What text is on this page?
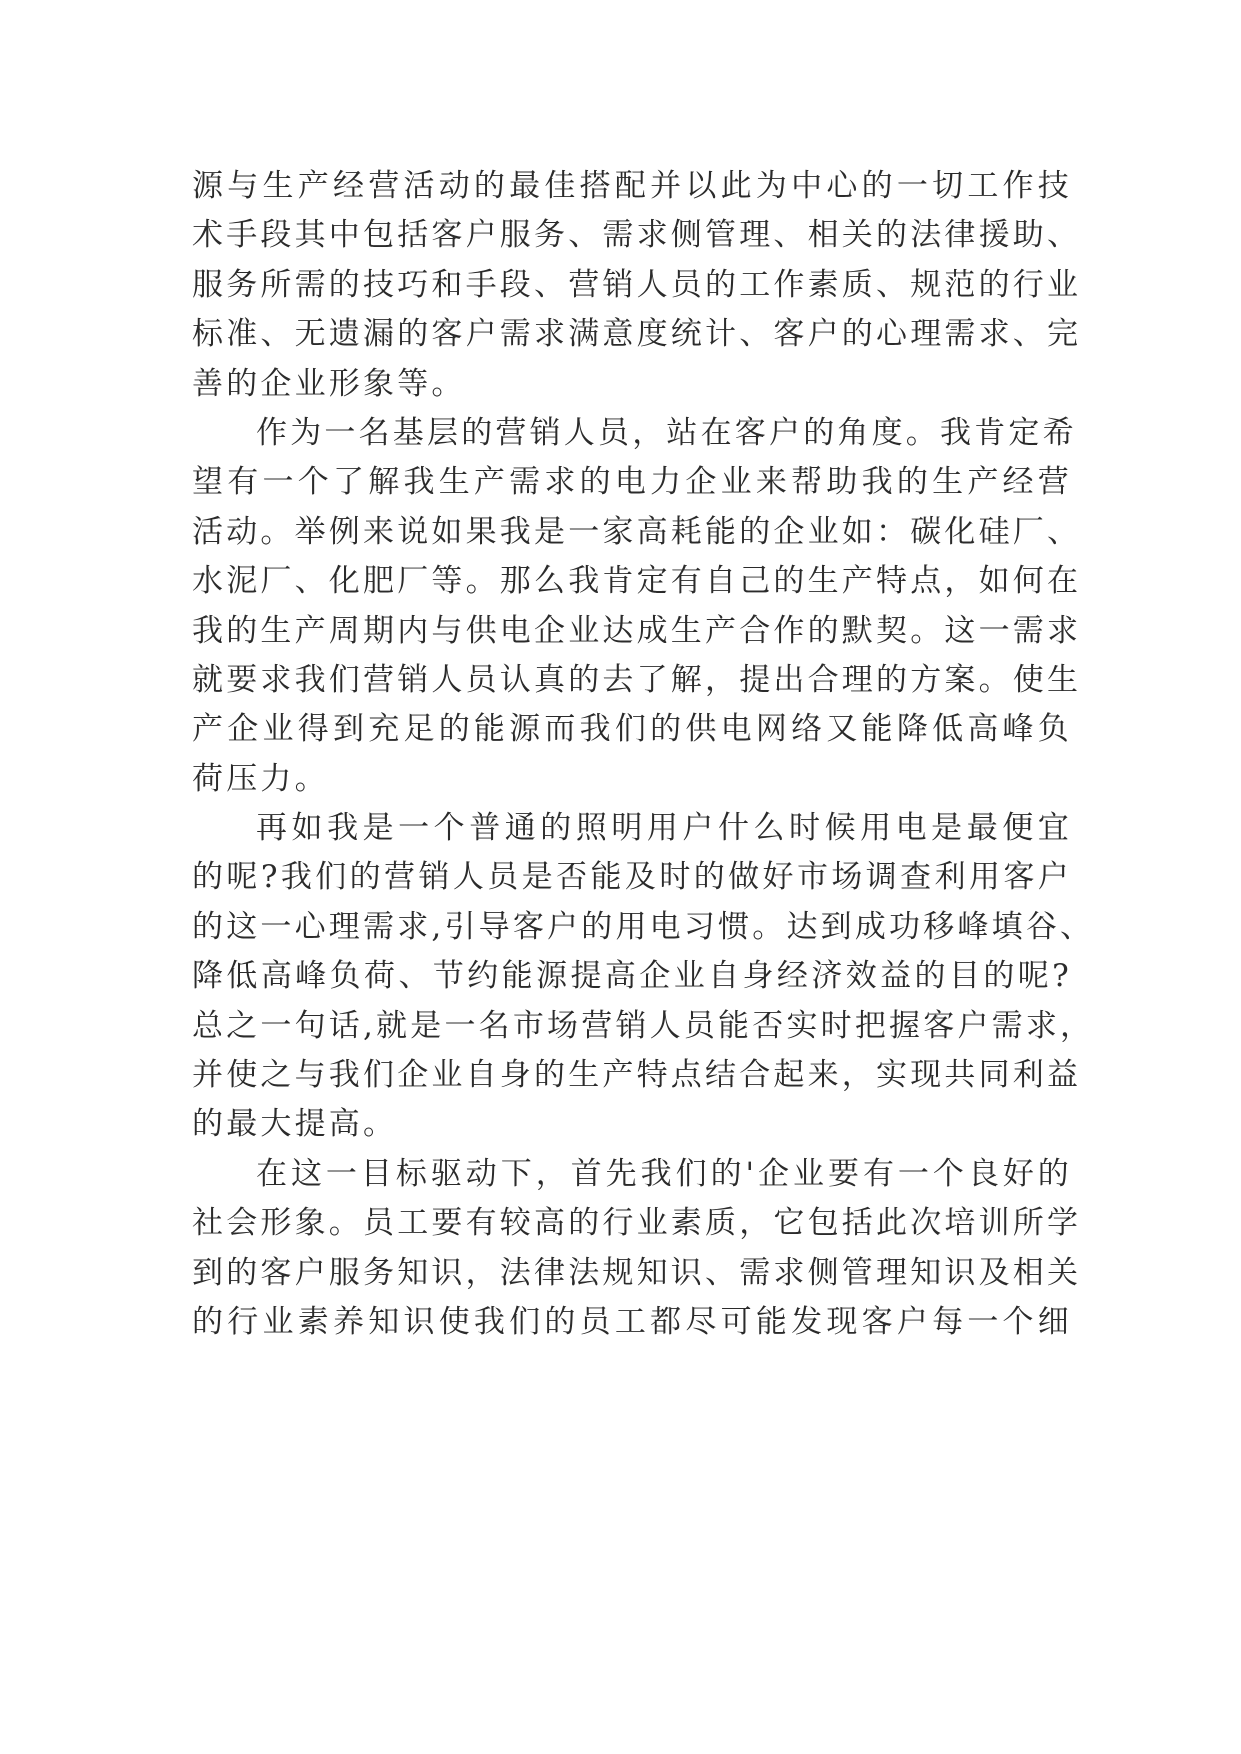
源与生产经营活动的最佳搭配并以此为中心的一切工作技
术手段其中包括客户服务、需求侧管理、相关的法律援助、
服务所需的技巧和手段、营销人员的工作素质、规范的行业
标准、无遗漏的客户需求满意度统计、客户的心理需求、完
善的企业形象等。
作为一名基层的营销人员，站在客户的角度。我肯定希
望有一个了解我生产需求的电力企业来帮助我的生产经营
活动。举例来说如果我是一家高耗能的企业如：碳化硅厂、
水泥厂、化肥厂等。那么我肯定有自己的生产特点，如何在
我的生产周期内与供电企业达成生产合作的默契。这一需求
就要求我们营销人员认真的去了解，提出合理的方案。使生
产企业得到充足的能源而我们的供电网络又能降低高峰负
荷压力。
再如我是一个普通的照明用户什么时候用电是最便宜
的呢?我们的营销人员是否能及时的做好市场调查利用客户
的这一心理需求,引导客户的用电习惯。达到成功移峰填谷、
降低高峰负荷、节约能源提高企业自身经济效益的目的呢?
总之一句话,就是一名市场营销人员能否实时把握客户需求，
并使之与我们企业自身的生产特点结合起来，实现共同利益
的最大提高。
在这一目标驱动下，首先我们的'企业要有一个良好的
社会形象。员工要有较高的行业素质，它包括此次培训所学
到的客户服务知识，法律法规知识、需求侧管理知识及相关
的行业素养知识使我们的员工都尽可能发现客户每一个细
